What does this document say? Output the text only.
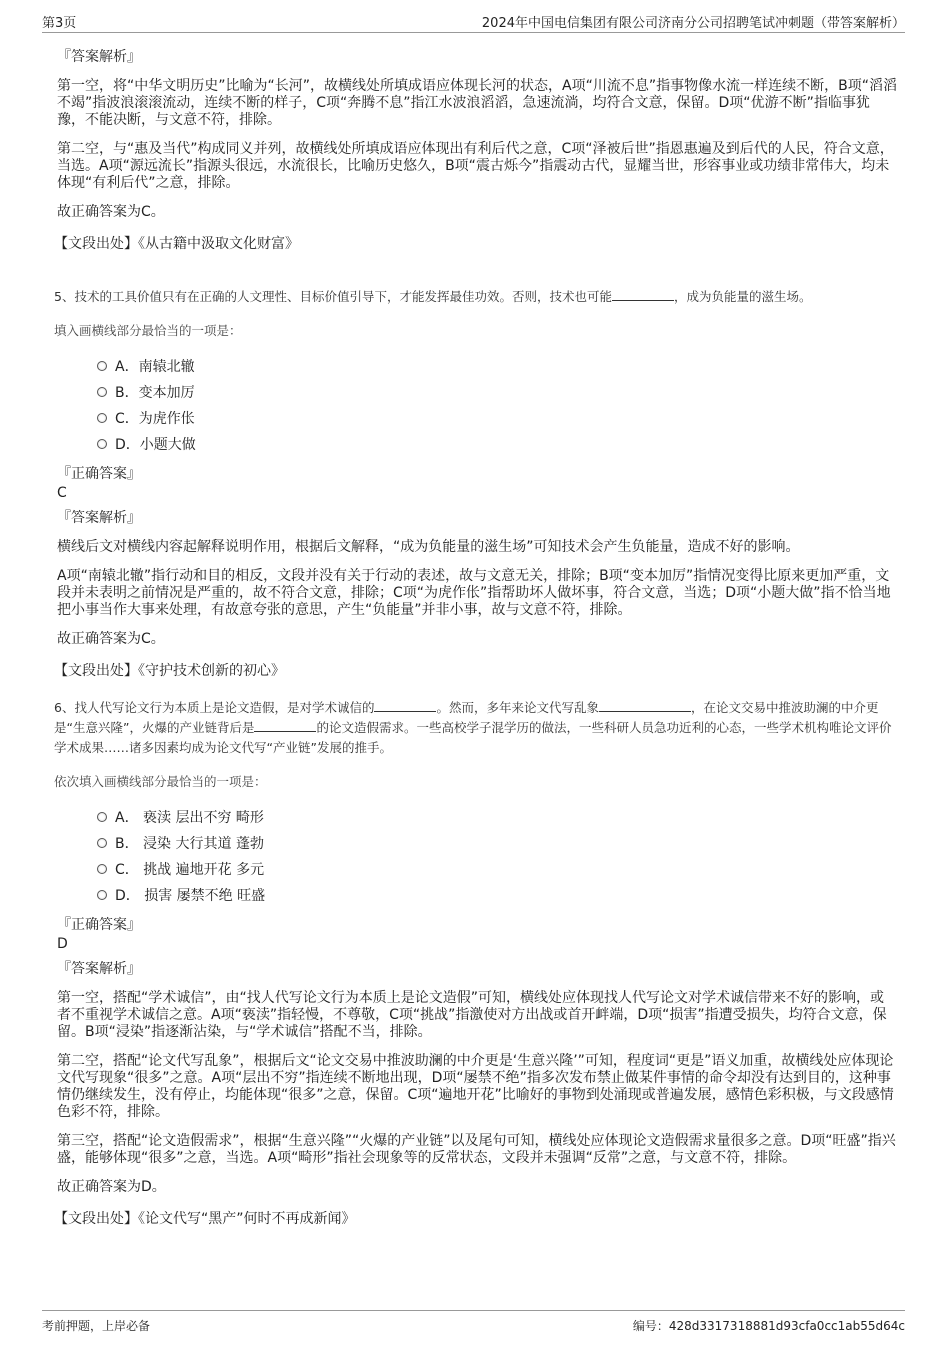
第3页	2024年中国电信集团有限公司济南分公司招聘笔试冲刺题（带答案解析）
『答案解析』

第一空，将“中华文明历史”比喻为“长河”，故横线处所填成语应体现长河的状态，A项“川流不息”指事物像水流一样连续不断，B项“滔滔不竭”指波浪滚滚流动，连续不断的样子，C项“奔腾不息”指江水波浪滔滔，急速流淌，均符合文意，保留。D项“优游不断”指临事犹豫，不能决断，与文意不符，排除。

第二空，与“惠及当代”构成同义并列，故横线处所填成语应体现出有利后代之意，C项“泽被后世”指恩惠遍及到后代的人民，符合文意，当选。A项“源远流长”指源头很远，水流很长，比喻历史悠久，B项“震古烁今”指震动古代，显耀当世，形容事业或功绩非常伟大，均未体现“有利后代”之意，排除。

故正确答案为C。

【文段出处】《从古籍中汲取文化财富》
5、技术的工具价值只有在正确的人文理性、目标价值引导下，才能发挥最佳功效。否则，技术也可能	，成为负能量的滋生场。
填入画横线部分最恰当的一项是：
A．南辕北辙
B．变本加厉
C．为虎作伥
D．小题大做
『正确答案』
C
『答案解析』

横线后文对横线内容起解释说明作用，根据后文解释，“成为负能量的滋生场”可知技术会产生负能量，造成不好的影响。

A项“南辕北辙”指行动和目的相反，文段并没有关于行动的表述，故与文意无关，排除；B项“变本加厉”指情况变得比原来更加严重，文段并未表明之前情况是严重的，故不符合文意，排除；C项“为虎作伥”指帮助坏人做坏事，符合文意，当选；D项“小题大做”指不恰当地把小事当作大事来处理，有故意夸张的意思，产生“负能量”并非小事，故与文意不符，排除。

故正确答案为C。

【文段出处】《守护技术创新的初心》
6、找人代写论文行为本质上是论文造假，是对学术诚信的	。然而，多年来论文代写乱象	，在论文交易中推波助澜的中介更是“生意兴隆”，火爆的产业链背后是	的论文造假需求。一些高校学子混学历的做法，一些科研人员急功近利的心态，一些学术机构唯论文评价学术成果……诸多因素均成为论文代写“产业链”发展的推手。
依次填入画横线部分最恰当的一项是：
A． 亵渎 层出不穷 畸形
B． 浸染 大行其道 蓬勃
C． 挑战 遍地开花 多元
D． 损害 屡禁不绝 旺盛
『正确答案』
D
『答案解析』

第一空，搭配“学术诚信”，由“找人代写论文行为本质上是论文造假”可知，横线处应体现找人代写论文对学术诚信带来不好的影响，或者不重视学术诚信之意。A项“亵渎”指轻慢，不尊敬，C项“挑战”指激使对方出战或首开衅端，D项“损害”指遭受损失，均符合文意，保留。B项“浸染”指逐渐沾染，与“学术诚信”搭配不当，排除。

第二空，搭配“论文代写乱象”，根据后文“论文交易中推波助澜的中介更是‘生意兴隆’”可知，程度词“更是”语义加重，故横线处应体现论文代写现象“很多”之意。A项“层出不穷”指连续不断地出现，D项“屡禁不绝”指多次发布禁止做某件事情的命令却没有达到目的，这种事情仍继续发生，没有停止，均能体现“很多”之意，保留。C项“遍地开花”比喻好的事物到处涌现或普遍发展，感情色彩积极，与文段感情色彩不符，排除。

第三空，搭配“论文造假需求”，根据“生意兴隆”“火爆的产业链”以及尾句可知，横线处应体现论文造假需求量很多之意。D项“旺盛”指兴盛，能够体现“很多”之意，当选。A项“畸形”指社会现象等的反常状态，文段并未强调“反常”之意，与文意不符，排除。

故正确答案为D。

【文段出处】《论文代写“黑产”何时不再成新闻》
考前押题，上岸必备	编号：428d3317318881d93cfa0cc1ab55d64c
